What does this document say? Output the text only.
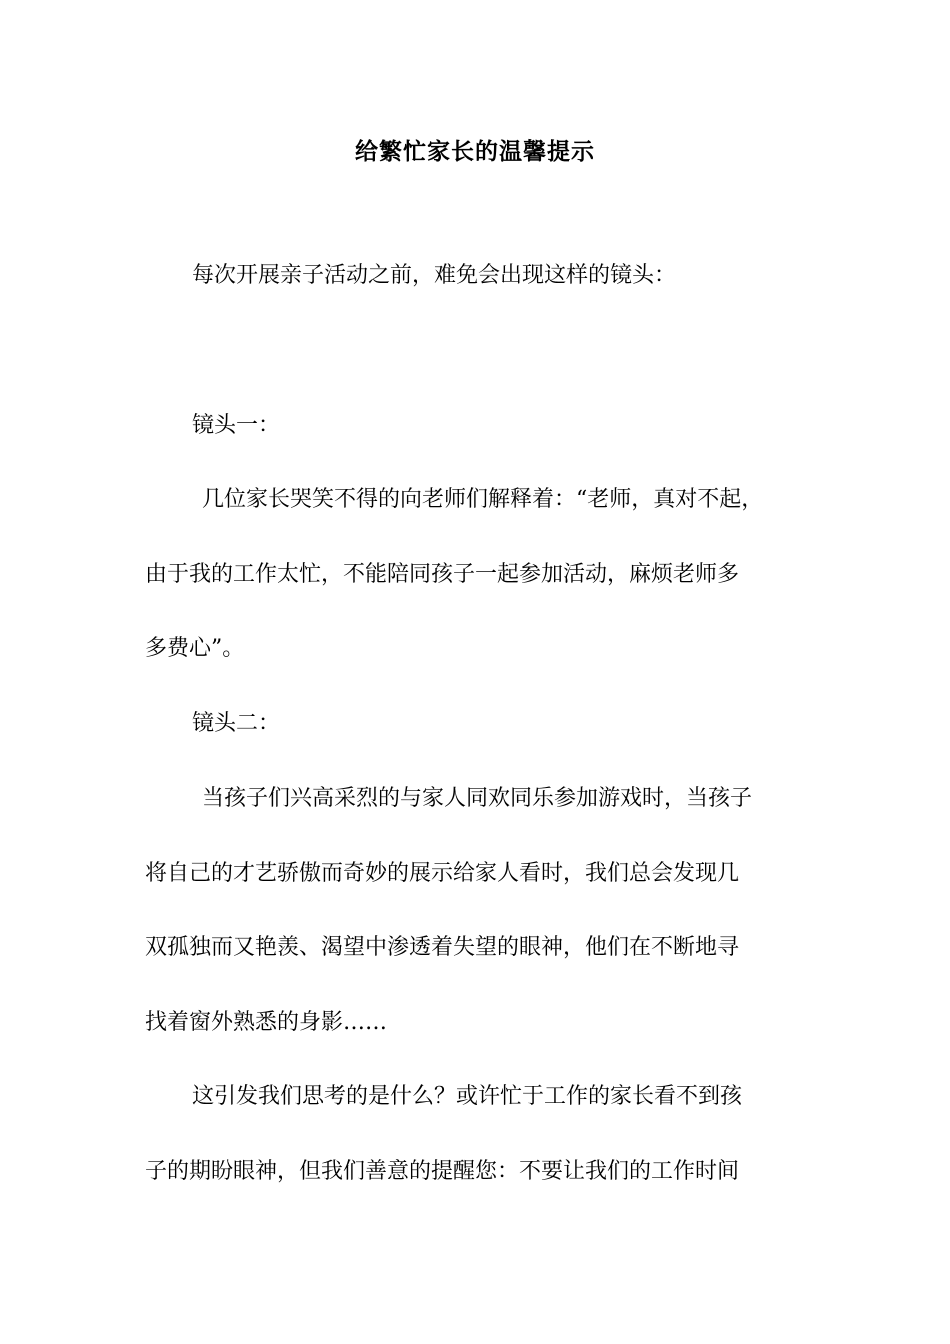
给繁忙家长的温馨提示
每次开展亲子活动之前，难免会出现这样的镜头：
镜头一：
几位家长哭笑不得的向老师们解释着：“老师，真对不起，
由于我的工作太忙，不能陪同孩子一起参加活动，麻烦老师多
多费心”。
镜头二：
当孩子们兴高采烈的与家人同欢同乐参加游戏时，当孩子
将自己的才艺骄傲而奇妙的展示给家人看时，我们总会发现几
双孤独而又艳羡、渴望中渗透着失望的眼神，他们在不断地寻
找着窗外熟悉的身影……
这引发我们思考的是什么？或许忙于工作的家长看不到孩
子的期盼眼神，但我们善意的提醒您：不要让我们的工作时间
